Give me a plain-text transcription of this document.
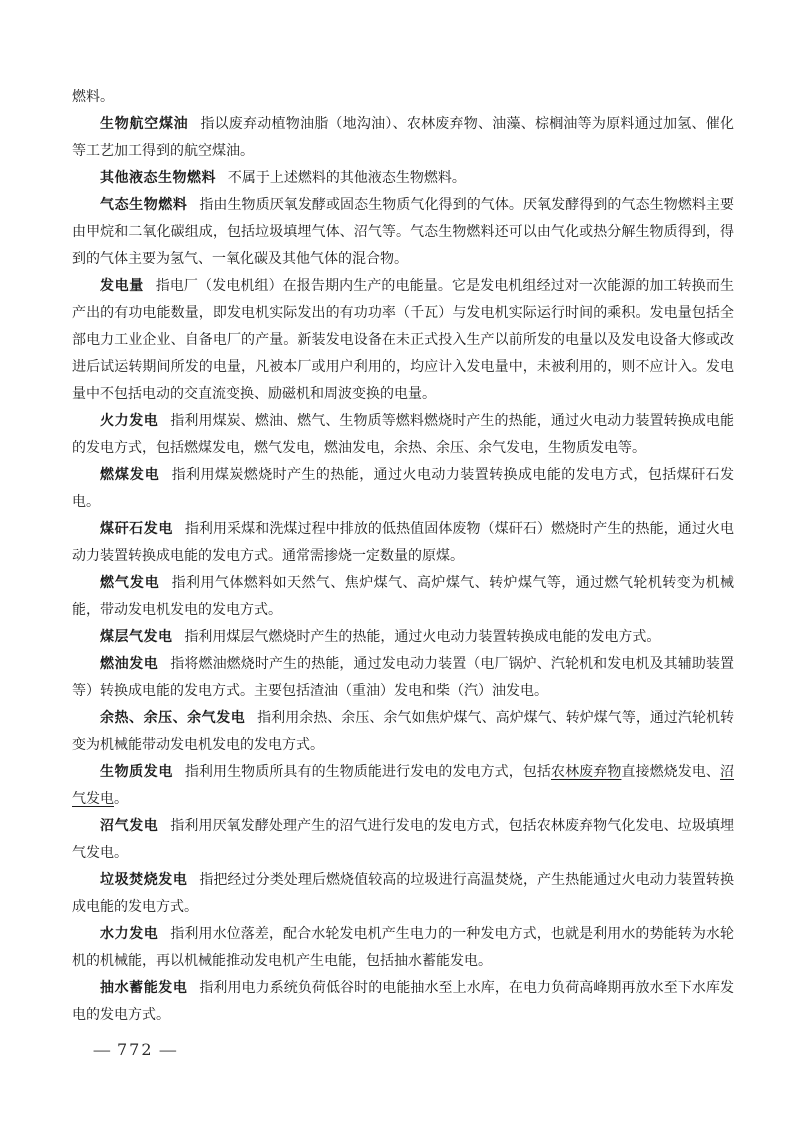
燃料。

生物航空煤油 指以废弃动植物油脂（地沟油）、农林废弃物、油藻、棕榈油等为原料通过加氢、催化等工艺加工得到的航空煤油。

其他液态生物燃料 不属于上述燃料的其他液态生物燃料。

气态生物燃料 指由生物质厌氧发酵或固态生物质气化得到的气体。厌氧发酵得到的气态生物燃料主要由甲烷和二氧化碳组成，包括垃圾填埋气体、沼气等。气态生物燃料还可以由气化或热分解生物质得到，得到的气体主要为氢气、一氧化碳及其他气体的混合物。

发电量 指电厂（发电机组）在报告期内生产的电能量。它是发电机组经过对一次能源的加工转换而生产出的有功电能数量，即发电机实际发出的有功功率（千瓦）与发电机实际运行时间的乘积。发电量包括全部电力工业企业、自备电厂的产量。新装发电设备在未正式投入生产以前所发的电量以及发电设备大修或改进后试运转期间所发的电量，凡被本厂或用户利用的，均应计入发电量中，未被利用的，则不应计入。发电量中不包括电动的交直流变换、励磁机和周波变换的电量。

火力发电 指利用煤炭、燃油、燃气、生物质等燃料燃烧时产生的热能，通过火电动力装置转换成电能的发电方式，包括燃煤发电，燃气发电，燃油发电，余热、余压、余气发电，生物质发电等。

燃煤发电 指利用煤炭燃烧时产生的热能，通过火电动力装置转换成电能的发电方式，包括煤矸石发电。

煤矸石发电 指利用采煤和洗煤过程中排放的低热值固体废物（煤矸石）燃烧时产生的热能，通过火电动力装置转换成电能的发电方式。通常需掺烧一定数量的原煤。

燃气发电 指利用气体燃料如天然气、焦炉煤气、高炉煤气、转炉煤气等，通过燃气轮机转变为机械能，带动发电机发电的发电方式。

煤层气发电 指利用煤层气燃烧时产生的热能，通过火电动力装置转换成电能的发电方式。

燃油发电 指将燃油燃烧时产生的热能，通过发电动力装置（电厂锅炉、汽轮机和发电机及其辅助装置等）转换成电能的发电方式。主要包括渣油（重油）发电和柴（汽）油发电。

余热、余压、余气发电 指利用余热、余压、余气如焦炉煤气、高炉煤气、转炉煤气等，通过汽轮机转变为机械能带动发电机发电的发电方式。

生物质发电 指利用生物质所具有的生物质能进行发电的发电方式，包括农林废弃物直接燃烧发电、沼气发电。

沼气发电 指利用厌氧发酵处理产生的沼气进行发电的发电方式，包括农林废弃物气化发电、垃圾填埋气发电。

垃圾焚烧发电 指把经过分类处理后燃烧值较高的垃圾进行高温焚烧，产生热能通过火电动力装置转换成电能的发电方式。

水力发电 指利用水位落差，配合水轮发电机产生电力的一种发电方式，也就是利用水的势能转为水轮机的机械能，再以机械能推动发电机产生电能，包括抽水蓄能发电。

抽水蓄能发电 指利用电力系统负荷低谷时的电能抽水至上水库，在电力负荷高峰期再放水至下水库发电的发电方式。

— 772 —
